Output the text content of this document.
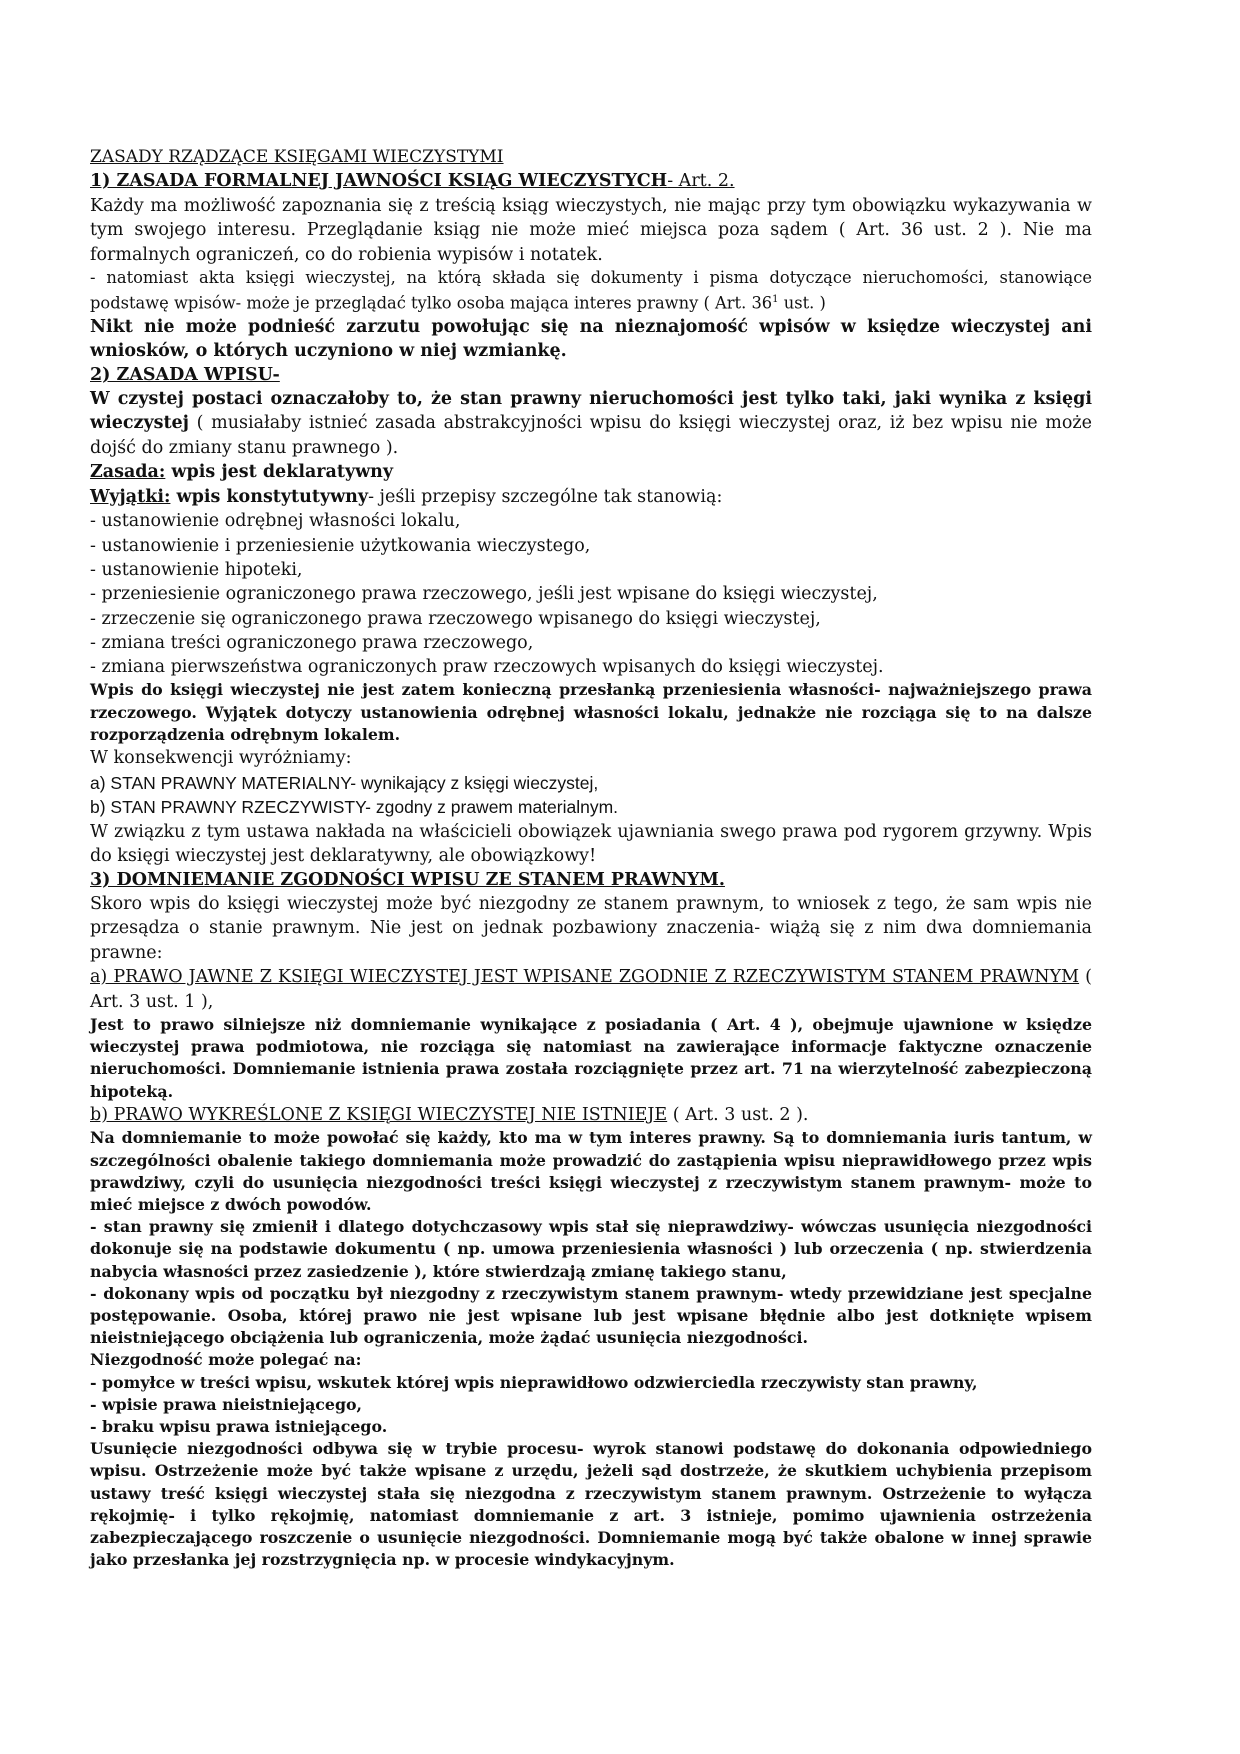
ZASADY RZĄDZĄCE KSIĘGAMI WIECZYSTYMI
1) ZASADA FORMALNEJ JAWNOŚCI KSIĄG WIECZYSTYCH- Art. 2.

Każdy ma możliwość zapoznania się z treścią ksiąg wieczystych, nie mając przy tym obowiązku wykazywania w tym swojego interesu. Przeglądanie ksiąg nie może mieć miejsca poza sądem ( Art. 36 ust. 2 ). Nie ma formalnych ograniczeń, co do robienia wypisów i notatek.

- natomiast akta księgi wieczystej, na którą składa się dokumenty i pisma dotyczące nieruchomości, stanowiące podstawę wpisów- może je przeglądać tylko osoba mająca interes prawny ( Art. $36^1$ ust. )

Nikt nie może podnieść zarzutu powołując się na nieznajomość wpisów w księdze wieczystej ani wniosków, o których uczyniono w niej wzmiankę.

2) ZASADA WPISU-

W czystej postaci oznaczałoby to, że stan prawny nieruchomości jest tylko taki, jaki wynika z księgi wieczystej ( musiałaby istnieć zasada abstrakcyjności wpisu do księgi wieczystej oraz, iż bez wpisu nie może dojść do zmiany stanu prawnego ).

Zasada: wpis jest deklaratywny
Wyjątki: wpis konstytutywny- jeśli przepisy szczególne tak stanowią:
- ustanowienie odrębnej własności lokalu,
- ustanowienie i przeniesienie użytkowania wieczystego,
- ustanowienie hipoteki,
- przeniesienie ograniczonego prawa rzeczowego, jeśli jest wpisane do księgi wieczystej,
- zrzeczenie się ograniczonego prawa rzeczowego wpisanego do księgi wieczystej,
- zmiana treści ograniczonego prawa rzeczowego,
- zmiana pierwszeństwa ograniczonych praw rzeczowych wpisanych do księgi wieczystej.

Wpis do księgi wieczystej nie jest zatem konieczną przesłanką przeniesienia własności- najważniejszego prawa rzeczowego. Wyjątek dotyczy ustanowienia odrębnej własności lokalu, jednakże nie rozciąga się to na dalsze rozporządzenia odrębnym lokalem.

W konsekwencji wyróżniamy:
a) STAN PRAWNY MATERIALNY- wynikający z księgi wieczystej,
b) STAN PRAWNY RZECZYWISTY- zgodny z prawem materialnym.

W związku z tym ustawa nakłada na właścicieli obowiązek ujawniania swego prawa pod rygorem grzywny. Wpis do księgi wieczystej jest deklaratywny, ale obowiązkowy!

3) DOMNIEMANIE ZGODNOŚCI WPISU ZE STANEM PRAWNYM.

Skoro wpis do księgi wieczystej może być niezgodny ze stanem prawnym, to wniosek z tego, że sam wpis nie przesądza o stanie prawnym. Nie jest on jednak pozbawiony znaczenia- wiążą się z nim dwa domniemania prawne:

a) PRAWO JAWNE Z KSIĘGI WIECZYSTEJ JEST WPISANE ZGODNIE Z RZECZYWISTYM STANEM PRAWNYM ( Art. 3 ust. 1 ),

Jest to prawo silniejsze niż domniemanie wynikające z posiadania ( Art. 4 ), obejmuje ujawnione w księdze wieczystej prawa podmiotowa, nie rozciąga się natomiast na zawierające informacje faktyczne oznaczenie nieruchomości. Domniemanie istnienia prawa została rozciągnięte przez art. 71 na wierzytelność zabezpieczoną hipoteką.

b) PRAWO WYKREŚLONE Z KSIĘGI WIECZYSTEJ NIE ISTNIEJE ( Art. 3 ust. 2 ).

Na domniemanie to może powołać się każdy, kto ma w tym interes prawny. Są to domniemania iuris tantum, w szczególności obalenie takiego domniemania może prowadzić do zastąpienia wpisu nieprawidłowego przez wpis prawdziwy, czyli do usunięcia niezgodności treści księgi wieczystej z rzeczywistym stanem prawnym- może to mieć miejsce z dwóch powodów.

- stan prawny się zmienił i dlatego dotychczasowy wpis stał się nieprawdziwy- wówczas usunięcia niezgodności dokonuje się na podstawie dokumentu ( np. umowa przeniesienia własności ) lub orzeczenia ( np. stwierdzenia nabycia własności przez zasiedzenie ), które stwierdzają zmianę takiego stanu,

- dokonany wpis od początku był niezgodny z rzeczywistym stanem prawnym- wtedy przewidziane jest specjalne postępowanie. Osoba, której prawo nie jest wpisane lub jest wpisane błędnie albo jest dotknięte wpisem nieistniejącego obciążenia lub ograniczenia, może żądać usunięcia niezgodności.

Niezgodność może polegać na:

- pomyłce w treści wpisu, wskutek której wpis nieprawidłowo odzwierciedla rzeczywisty stan prawny,
- wpisie prawa nieistniejącego,
- braku wpisu prawa istniejącego.

Usunięcie niezgodności odbywa się w trybie procesu- wyrok stanowi podstawę do dokonania odpowiedniego wpisu. Ostrzeżenie może być także wpisane z urzędu, jeżeli sąd dostrzeże, że skutkiem uchybienia przepisom ustawy treść księgi wieczystej stała się niezgodna z rzeczywistym stanem prawnym. Ostrzeżenie to wyłącza rękojmię- i tylko rękojmię, natomiast domniemanie z art. 3 istnieje, pomimo ujawnienia ostrzeżenia zabezpieczającego roszczenie o usunięcie niezgodności. Domniemanie mogą być także obalone w innej sprawie jako przesłanka jej rozstrzygnięcia np. w procesie windykacyjnym.
